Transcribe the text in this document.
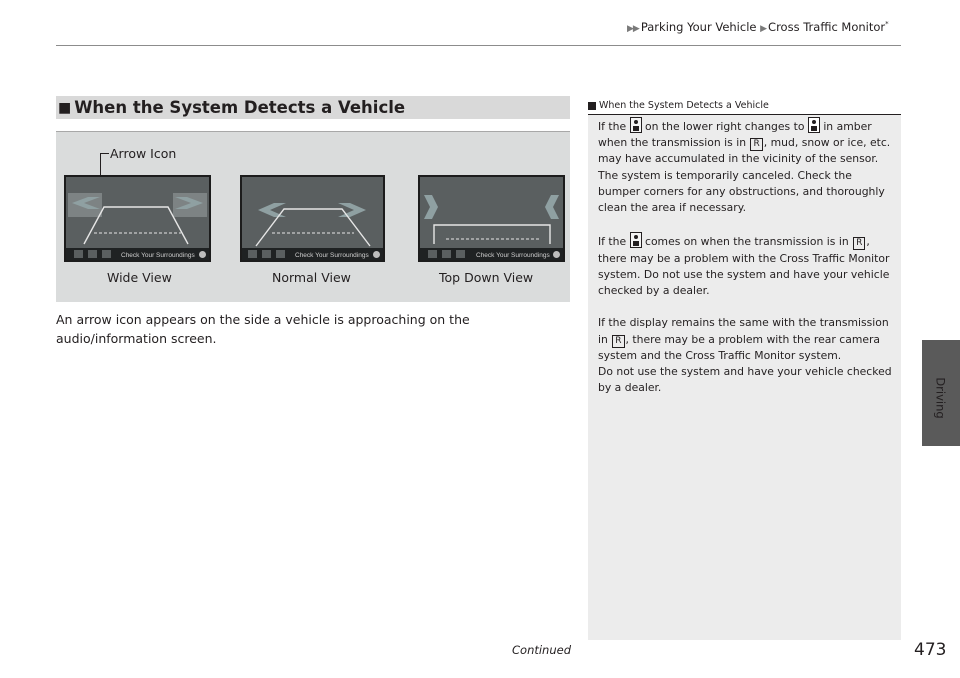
▶▶ Parking Your Vehicle ▶ Cross Traffic Monitor*
Driving
■ When the System Detects a Vehicle
Arrow Icon
Check Your Surroundings	Check Your Surroundings	Check Your Surroundings
Wide View	Normal View	Top Down View
An arrow icon appears on the side a vehicle is approaching on the audio/information screen.
When the System Detects a Vehicle

If the on the lower right changes to in amber when the transmission is in R , mud, snow or ice, etc. may have accumulated in the vicinity of the sensor. The system is temporarily canceled. Check the bumper corners for any obstructions, and thoroughly clean the area if necessary.

If the comes on when the transmission is in R , there may be a problem with the Cross Traffic Monitor system. Do not use the system and have your vehicle checked by a dealer.

If the display remains the same with the transmission in R , there may be a problem with the rear camera system and the Cross Traffic Monitor system.

Do not use the system and have your vehicle checked by a dealer.

Continued	473
